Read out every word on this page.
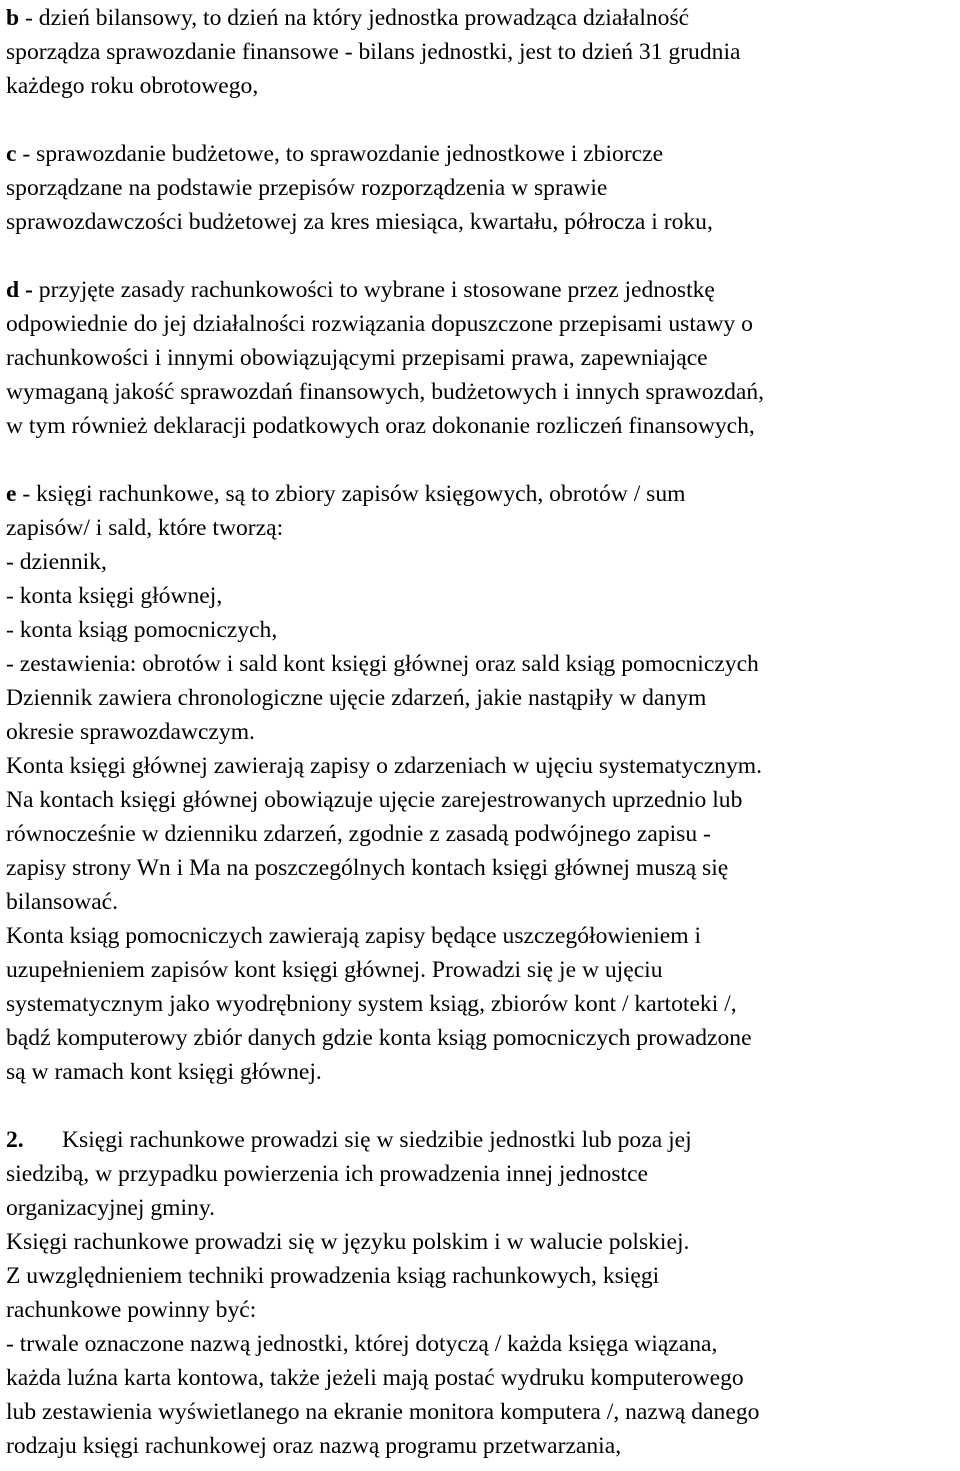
b - dzień bilansowy, to dzień na który jednostka prowadząca działalność
sporządza sprawozdanie finansowe - bilans jednostki, jest to dzień 31 grudnia
każdego roku obrotowego,
c - sprawozdanie budżetowe, to sprawozdanie jednostkowe i zbiorcze
sporządzane na podstawie przepisów rozporządzenia w sprawie
sprawozdawczości budżetowej za kres miesiąca, kwartału, półrocza i roku,
d - przyjęte zasady rachunkowości to wybrane i stosowane przez jednostkę
odpowiednie do jej działalności rozwiązania dopuszczone przepisami ustawy o
rachunkowości i innymi obowiązującymi przepisami prawa, zapewniające
wymaganą jakość sprawozdań finansowych, budżetowych i innych sprawozdań,
w tym również deklaracji podatkowych oraz dokonanie rozliczeń finansowych,
e - księgi rachunkowe, są to zbiory zapisów księgowych, obrotów / sum
zapisów/ i sald, które tworzą:
- dziennik,
- konta księgi głównej,
- konta ksiąg pomocniczych,
- zestawienia: obrotów i sald kont księgi głównej oraz sald ksiąg pomocniczych
Dziennik zawiera chronologiczne ujęcie zdarzeń, jakie nastąpiły w danym
okresie sprawozdawczym.
Konta księgi głównej zawierają zapisy o zdarzeniach w ujęciu systematycznym.
Na kontach księgi głównej obowiązuje ujęcie zarejestrowanych uprzednio lub
równocześnie w dzienniku zdarzeń, zgodnie z zasadą podwójnego zapisu -
zapisy strony Wn i Ma na poszczególnych kontach księgi głównej muszą się
bilansować.
Konta ksiąg pomocniczych zawierają zapisy będące uszczegółowieniem i
uzupełnieniem zapisów kont księgi głównej. Prowadzi się je w ujęciu
systematycznym jako wyodrębniony system ksiąg, zbiorów kont / kartoteki /,
bądź komputerowy zbiór danych gdzie konta ksiąg pomocniczych prowadzone
są w ramach kont księgi głównej.
2. Księgi rachunkowe prowadzi się w siedzibie jednostki lub poza jej
siedzibą, w przypadku powierzenia ich prowadzenia innej jednostce
organizacyjnej gminy.
Księgi rachunkowe prowadzi się w języku polskim i w walucie polskiej.
Z uwzględnieniem techniki prowadzenia ksiąg rachunkowych, księgi
rachunkowe powinny być:
- trwale oznaczone nazwą jednostki, której dotyczą / każda księga wiązana,
każda luźna karta kontowa, także jeżeli mają postać wydruku komputerowego
lub zestawienia wyświetlanego na ekranie monitora komputera /, nazwą danego
rodzaju księgi rachunkowej oraz nazwą programu przetwarzania,
